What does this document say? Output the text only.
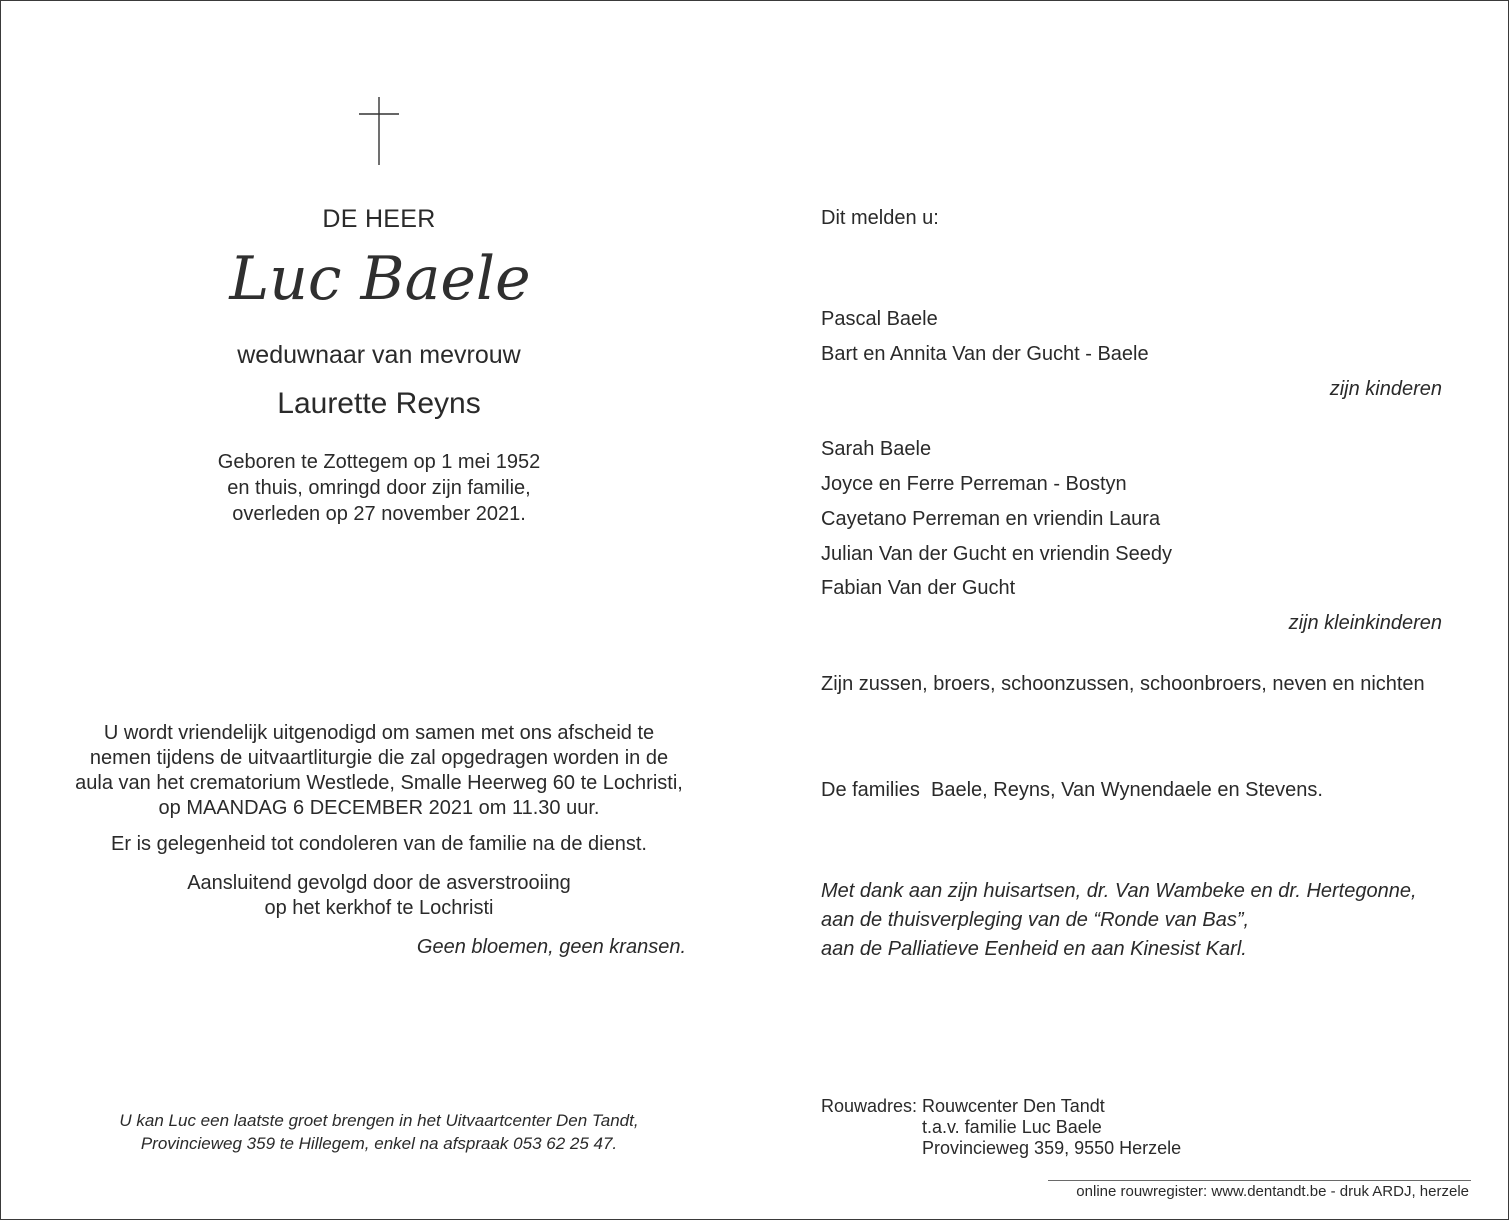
DE HEER
Luc Baele
weduwnaar van mevrouw
Laurette Reyns

Geboren te Zottegem op 1 mei 1952

en thuis, omringd door zijn familie,

overleden op 27 november 2021.

U wordt vriendelijk uitgenodigd om samen met ons afscheid te

nemen tijdens de uitvaartliturgie die zal opgedragen worden in de

aula van het crematorium Westlede, Smalle Heerweg 60 te Lochristi,

op MAANDAG 6 DECEMBER 2021 om 11.30 uur.

Er is gelegenheid tot condoleren van de familie na de dienst.

Aansluitend gevolgd door de asverstrooiing

op het kerkhof te Lochristi

Geen bloemen, geen kransen.

U kan Luc een laatste groet brengen in het Uitvaartcenter Den Tandt,

Provincieweg 359 te Hillegem, enkel na afspraak 053 62 25 47.

Dit melden u:
Pascal Baele
Bart en Annita Van der Gucht - Baele
zijn kinderen
Sarah Baele
Joyce en Ferre Perreman - Bostyn
Cayetano Perreman en vriendin Laura
Julian Van der Gucht en vriendin Seedy
Fabian Van der Gucht
zijn kleinkinderen
Zijn zussen, broers, schoonzussen, schoonbroers, neven en nichten
De families  Baele, Reyns, Van Wynendaele en Stevens.

Met dank aan zijn huisartsen, dr. Van Wambeke en dr. Hertegonne,

aan de thuisverpleging van de “Ronde van Bas”,

aan de Palliatieve Eenheid en aan Kinesist Karl.

Rouwadres: Rouwcenter Den Tandt

t.a.v. familie Luc Baele

Provincieweg 359, 9550 Herzele

online rouwregister: www.dentandt.be - druk ARDJ, herzele
